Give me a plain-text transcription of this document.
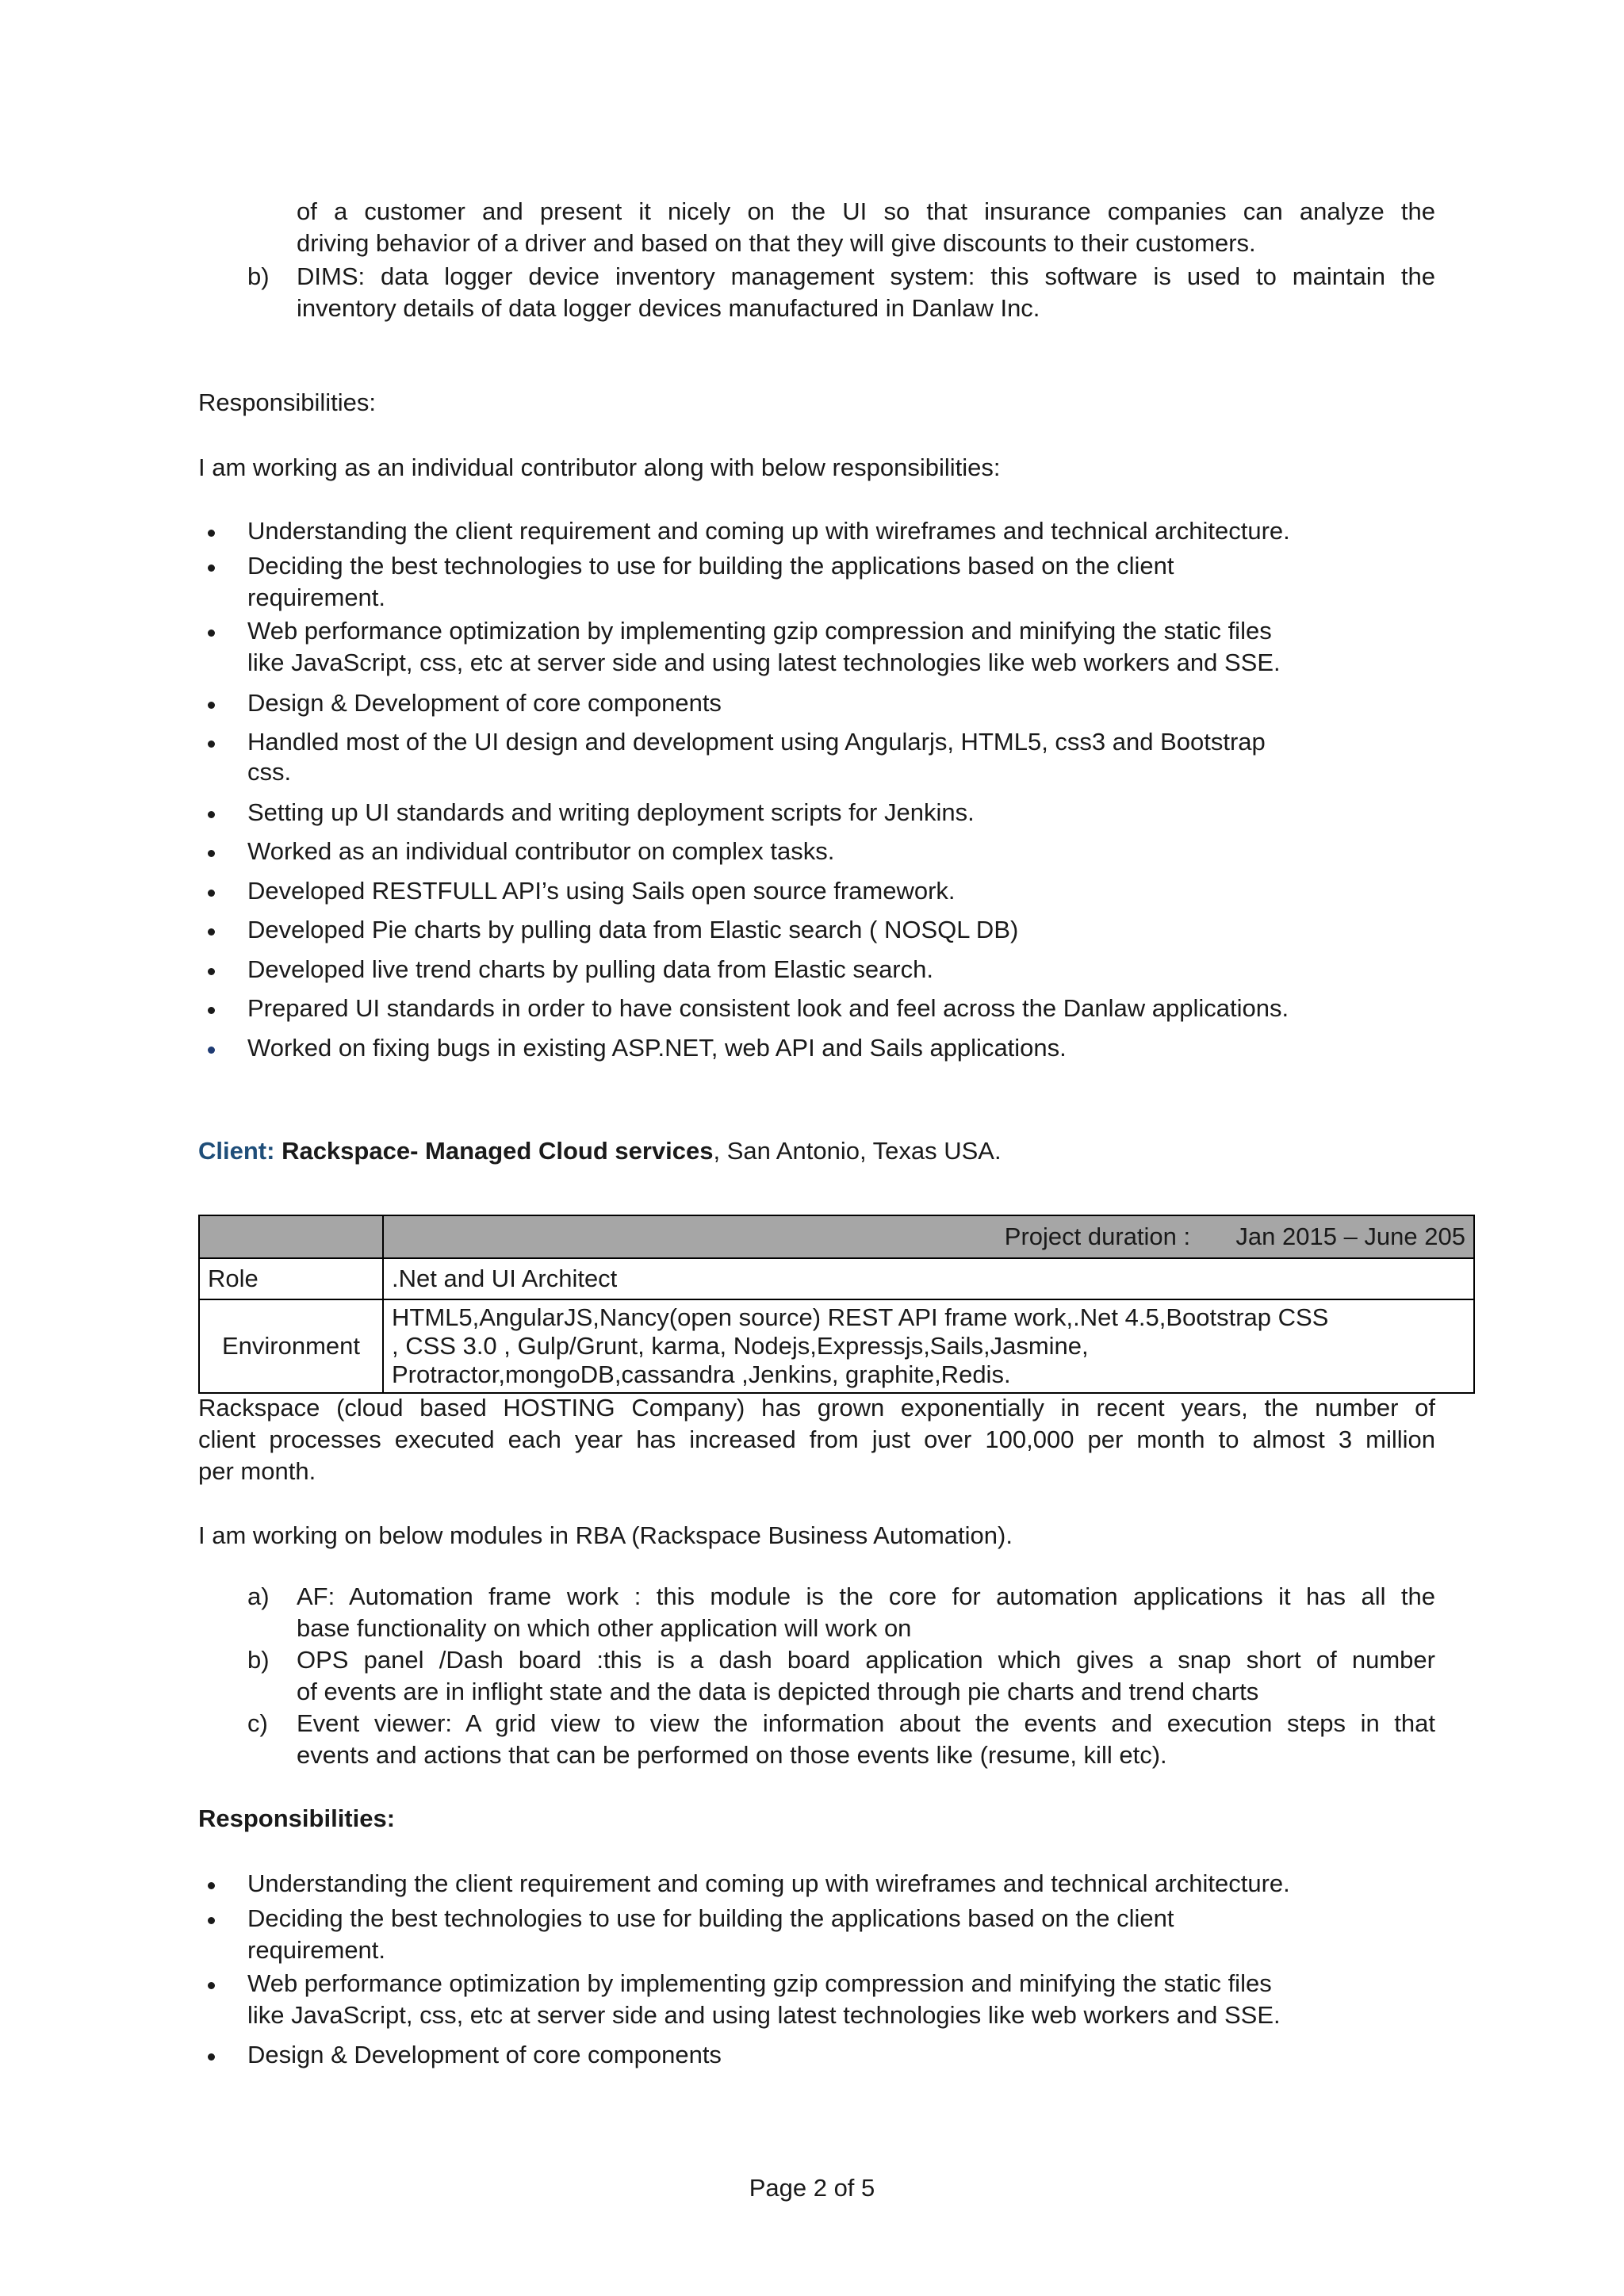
of a customer and present it nicely on the UI so that insurance companies can analyze the
driving behavior of a driver and based on that they will give discounts to their customers.
b) DIMS: data logger device inventory management system: this software is used to maintain the
inventory details of data logger devices manufactured in Danlaw Inc.
Responsibilities:
I am working as an individual contributor along with below responsibilities:
Understanding the client requirement and coming up with wireframes and technical architecture.
Deciding the best technologies to use for building the applications based on the client
requirement.
Web performance optimization by implementing gzip compression and minifying the static files
like JavaScript, css, etc at server side and using latest technologies like web workers and SSE.
Design & Development of core components
Handled most of the UI design and development using Angularjs, HTML5, css3 and Bootstrap
css.
Setting up UI standards and writing deployment scripts for Jenkins.
Worked as an individual contributor on complex tasks.
Developed RESTFULL API’s using Sails open source framework.
Developed Pie charts by pulling data from Elastic search ( NOSQL DB)
Developed live trend charts by pulling data from Elastic search.
Prepared UI standards in order to have consistent look and feel across the Danlaw applications.
Worked on fixing bugs in existing ASP.NET, web API and Sails applications.
Client: Rackspace- Managed Cloud services, San Antonio, Texas USA.
	Project duration : Jan 2015 – June 205
Role	.Net and UI Architect
Environment	HTML5,AngularJS,Nancy(open source) REST API frame work,.Net 4.5,Bootstrap CSS
, CSS 3.0 , Gulp/Grunt, karma, Nodejs,Expressjs,Sails,Jasmine,
Protractor,mongoDB,cassandra ,Jenkins, graphite,Redis.
Rackspace (cloud based HOSTING Company) has grown exponentially in recent years, the number of
client processes executed each year has increased from just over 100,000 per month to almost 3 million
per month.
I am working on below modules in RBA (Rackspace Business Automation).
a) AF: Automation frame work : this module is the core for automation applications it has all the
base functionality on which other application will work on
b) OPS panel /Dash board :this is a dash board application which gives a snap short of number
of events are in inflight state and the data is depicted through pie charts and trend charts
c) Event viewer: A grid view to view the information about the events and execution steps in that
events and actions that can be performed on those events like (resume, kill etc).
Responsibilities:
Understanding the client requirement and coming up with wireframes and technical architecture.
Deciding the best technologies to use for building the applications based on the client
requirement.
Web performance optimization by implementing gzip compression and minifying the static files
like JavaScript, css, etc at server side and using latest technologies like web workers and SSE.
Design & Development of core components
Page 2 of 5
